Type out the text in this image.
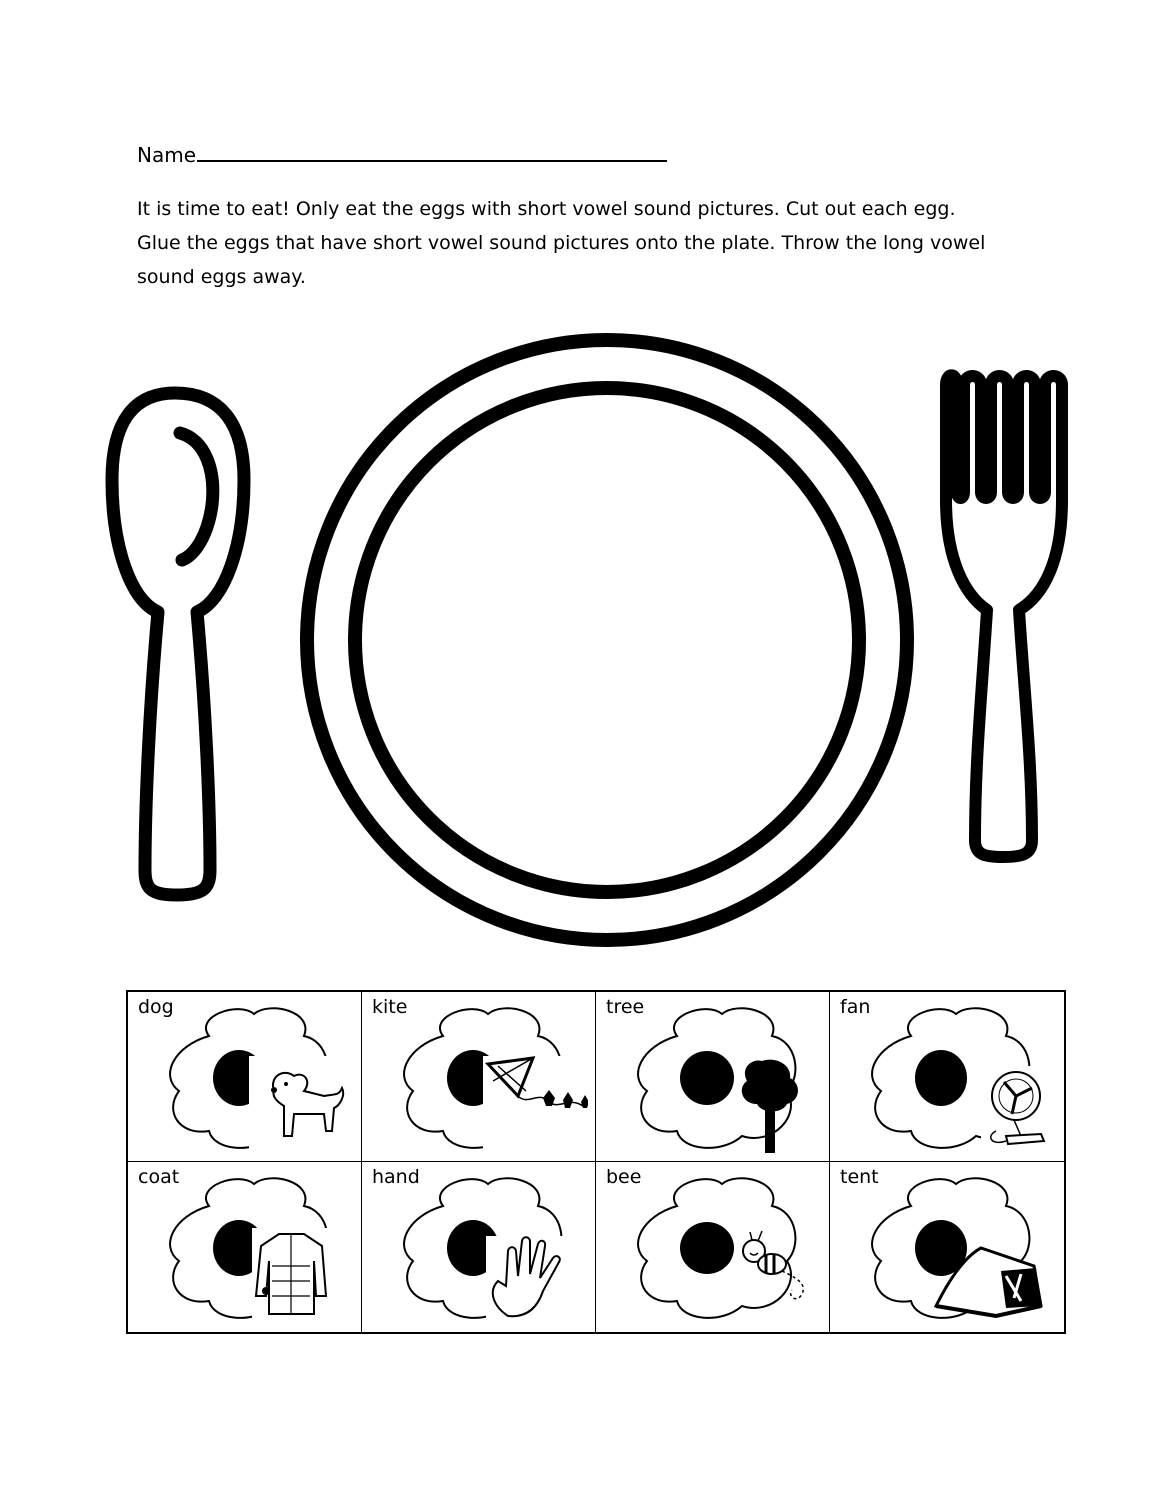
Name

It is time to eat! Only eat the eggs with short vowel sound pictures. Cut out each egg.

Glue the eggs that have short vowel sound pictures onto the plate. Throw the long vowel

sound eggs away.

dog	kite	tree	fan
coat	hand	bee	tent
